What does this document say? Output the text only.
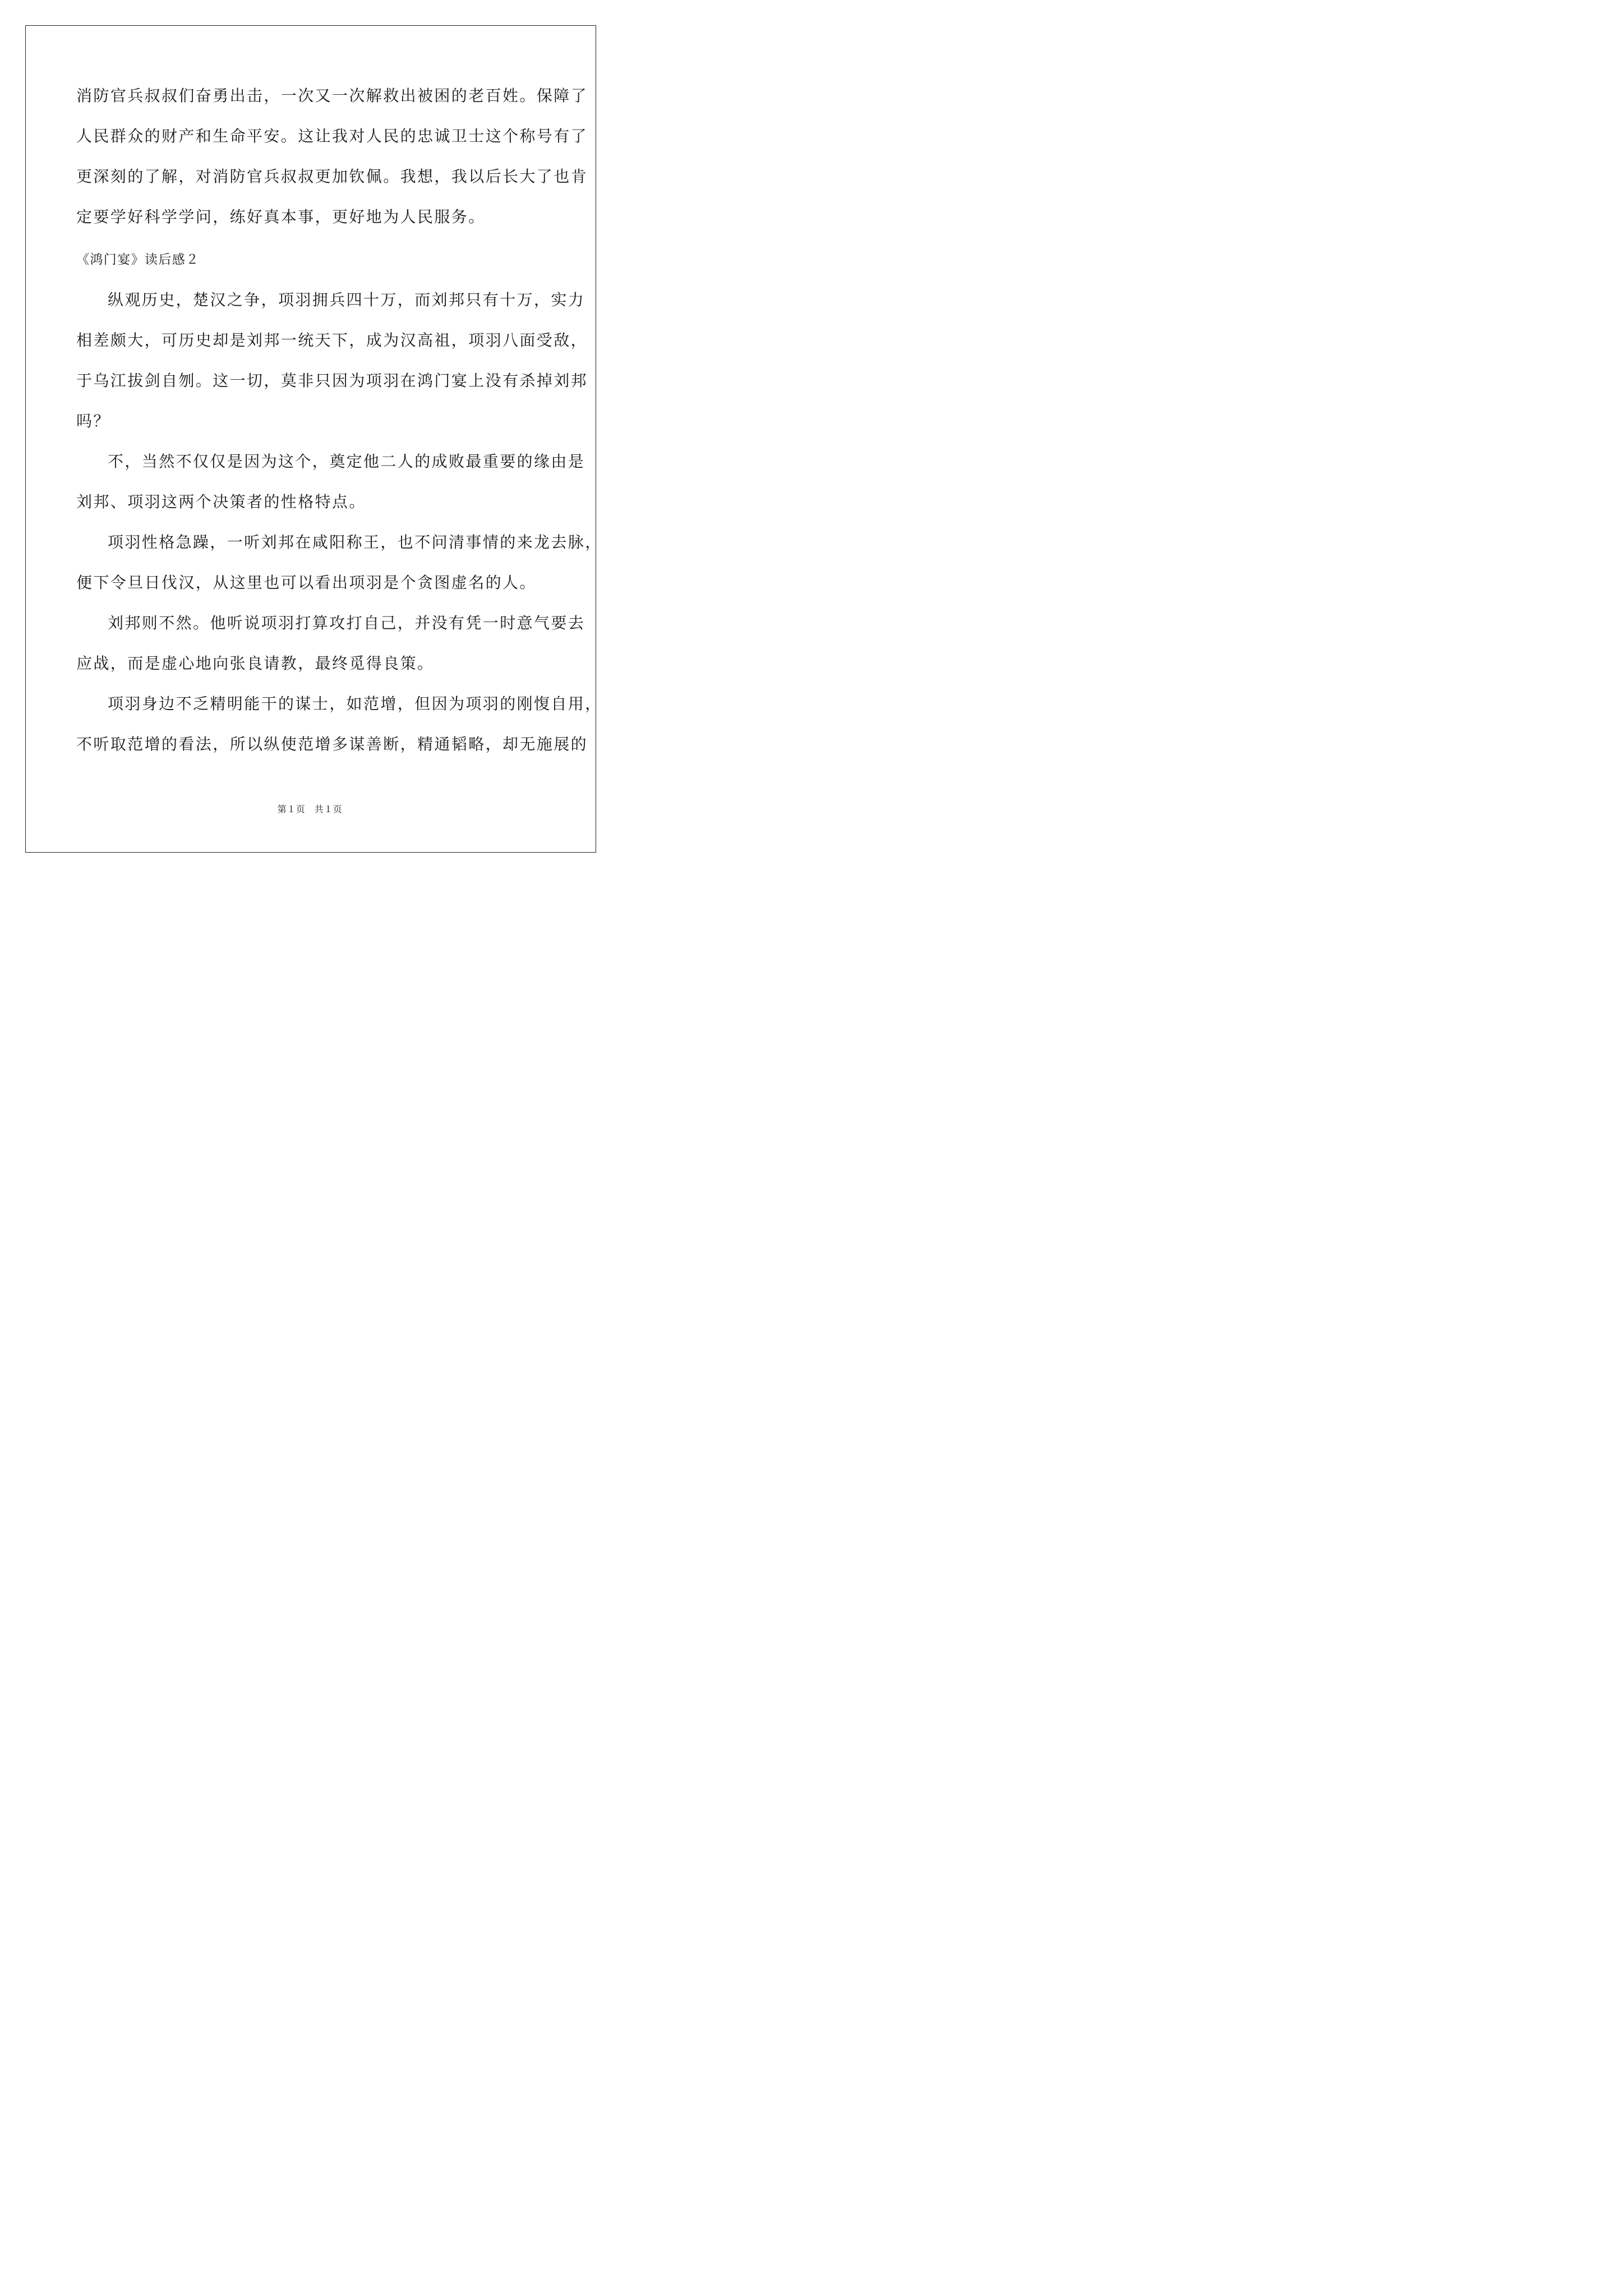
消防官兵叔叔们奋勇出击，一次又一次解救出被困的老百姓。保障了
人民群众的财产和生命平安。这让我对人民的忠诚卫士这个称号有了
更深刻的了解，对消防官兵叔叔更加钦佩。我想，我以后长大了也肯
定要学好科学学问，练好真本事，更好地为人民服务。
《鸿门宴》读后感２
纵观历史，楚汉之争，项羽拥兵四十万，而刘邦只有十万，实力
相差颇大，可历史却是刘邦一统天下，成为汉高祖，项羽八面受敌，
于乌江拔剑自刎。这一切，莫非只因为项羽在鸿门宴上没有杀掉刘邦
吗？
不，当然不仅仅是因为这个，奠定他二人的成败最重要的缘由是
刘邦、项羽这两个决策者的性格特点。
项羽性格急躁，一听刘邦在咸阳称王，也不问清事情的来龙去脉，
便下令旦日伐汉，从这里也可以看出项羽是个贪图虚名的人。
刘邦则不然。他听说项羽打算攻打自己，并没有凭一时意气要去
应战，而是虚心地向张良请教，最终觅得良策。
项羽身边不乏精明能干的谋士，如范增，但因为项羽的刚愎自用，
不听取范增的看法，所以纵使范增多谋善断，精通韬略，却无施展的
第１页　共１页
